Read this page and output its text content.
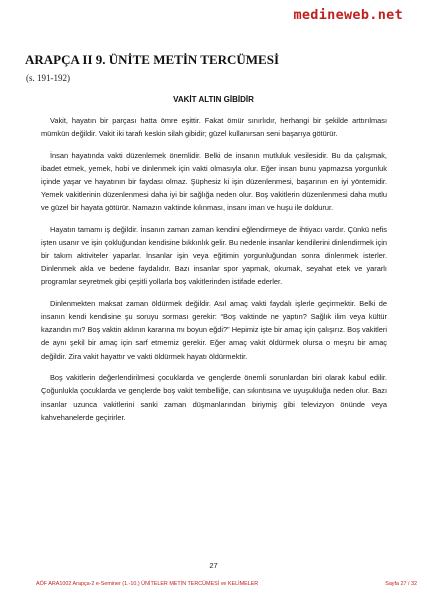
medineweb.net
ARAPÇA II 9. ÜNİTE METİN TERCÜMESİ
(s. 191-192)
VAKİT ALTIN GİBİDİR

Vakit, hayatın bir parçası hatta ömre eşittir. Fakat ömür sınırlıdır, herhangi bir şekilde arttırılması mümkün değildir. Vakit iki tarafı keskin silah gibidir; güzel kullanırsan seni başarıya götürür.

İnsan hayatında vakti düzenlemek önemlidir. Belki de insanın mutluluk vesilesidir. Bu da çalışmak, ibadet etmek, yemek, hobi ve dinlenmek için vakti olmasıyla olur. Eğer insan bunu yapmazsa yorgunluk içinde yaşar ve hayatının bir faydası olmaz. Şüphesiz ki işin düzenlenmesi, başarının en iyi yöntemidir. Yemek vakitlerinin düzenlenmesi daha iyi bir sağlığa neden olur. Boş vakitlerin düzenlenmesi daha mutlu ve güzel bir hayata götürür. Namazın vaktinde kılınması, insanı iman ve huşu ile doldurur.

Hayatın tamamı iş değildir. İnsanın zaman zaman kendini eğlendirmeye de ihtiyacı vardır. Çünkü nefis işten usanır ve işin çokluğundan kendisine bıkkınlık gelir. Bu nedenle insanlar kendilerini dinlendirmek için bir takım aktiviteler yaparlar. İnsanlar işin veya eğitimin yorgunluğundan sonra dinlenmek isterler. Dinlenmek akla ve bedene faydalıdır. Bazı insanlar spor yapmak, okumak, seyahat etek ve yararlı programlar seyretmek gibi çeşitli yollarla boş vakitlerinden istifade ederler.

Dinlenmekten maksat zaman öldürmek değildir. Asıl amaç vakti faydalı işlerle geçirmektir. Belki de insanın kendi kendisine şu soruyu sorması gerekir: “Boş vaktinde ne yaptın? Sağlık ilim veya kültür kazandın mı? Boş vaktin aklının kararına mı boyun eğdi?” Hepimiz işte bir amaç için çalışırız. Boş vakitleri de aynı şekil bir amaç için sarf etmemiz gerekir. Eğer amaç vakit öldürmek olursa o meşru bir amaç değildir. Zira vakit hayattır ve vakti öldürmek hayatı öldürmektir.

Boş vakitlerin değerlendirilmesi çocuklarda ve gençlerde önemli sorunlardan biri olarak kabul edilir. Çoğunlukla çocuklarda ve gençlerde boş vakit tembelliğe, can sıkıntısına ve uyuşukluğa neden olur. Bazı insanlar uzunca vakitlerini sanki zaman düşmanlarından biriymiş gibi televizyon önünde veya kahvehanelerde geçirirler.

27
AÖF ARA1002 Arapça-2 e-Seminer (1.-10.) ÜNİTELER METİN TERCÜMESİ ve KELİMELER	Sayfa 27 / 32
